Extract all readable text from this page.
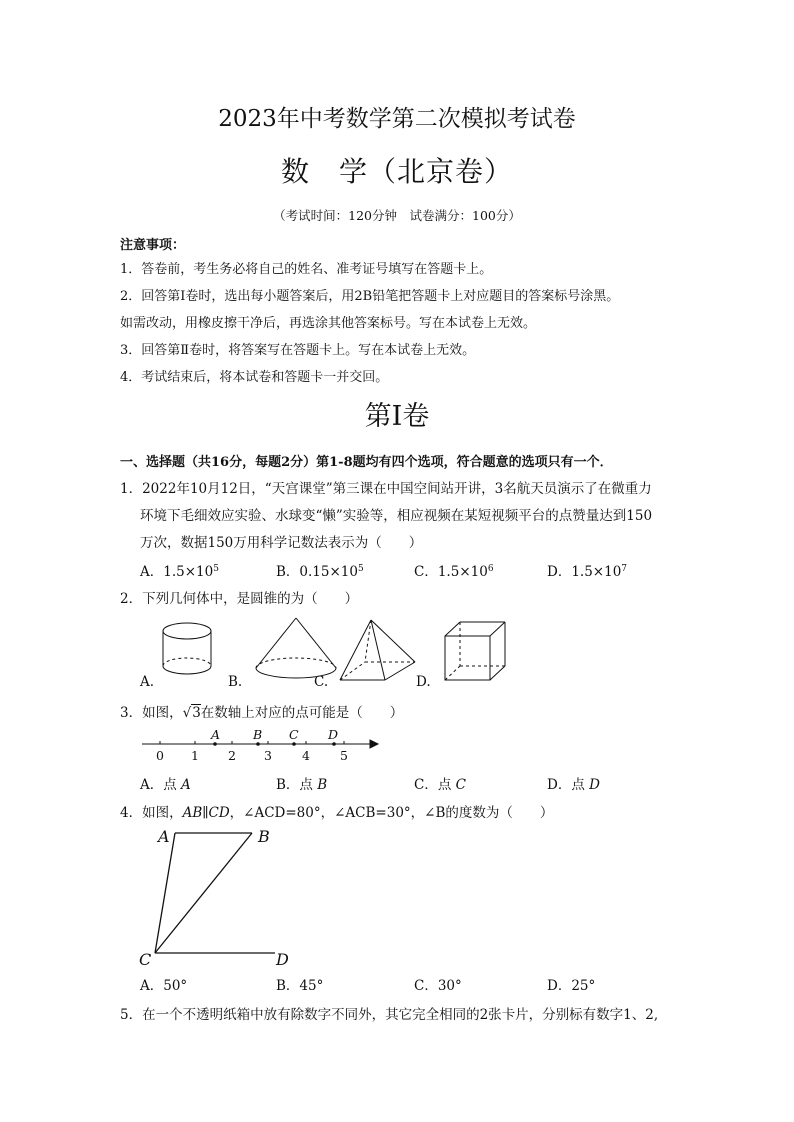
2023年中考数学第二次模拟考试卷
数　学（北京卷）
（考试时间：120分钟　试卷满分：100分）
注意事项：
1．答卷前，考生务必将自己的姓名、准考证号填写在答题卡上。
2．回答第Ⅰ卷时，选出每小题答案后，用2B铅笔把答题卡上对应题目的答案标号涂黑。
如需改动，用橡皮擦干净后，再选涂其他答案标号。写在本试卷上无效。
3．回答第Ⅱ卷时，将答案写在答题卡上。写在本试卷上无效。
4．考试结束后，将本试卷和答题卡一并交回。
第Ⅰ卷
一、选择题（共16分，每题2分）第1-8题均有四个选项，符合题意的选项只有一个．
1．2022年10月12日，“天宫课堂”第三课在中国空间站开讲，3名航天员演示了在微重力
环境下毛细效应实验、水球变“懒”实验等，相应视频在某短视频平台的点赞量达到150
万次，数据150万用科学记数法表示为（　　）
A．$1.5\times 10^5$	B．$0.15\times 10^5$	C．$1.5\times 10^6$	D．$1.5\times 10^7$
2．下列几何体中，是圆锥的为（　　）
A.	B.	C.	D.
3．如图，√3在数轴上对应的点可能是（　　）
0 1 2 3 4 5
A	B C D
A．点 A	B．点 B	C．点 C	D．点 D
4．如图，AB∥CD，∠ACD=80°，∠ACB=30°，∠B的度数为（　　）
A	B
C	D
A．50°	B．45°	C．30°	D．25°
5．在一个不透明纸箱中放有除数字不同外，其它完全相同的2张卡片，分别标有数字1、2,
